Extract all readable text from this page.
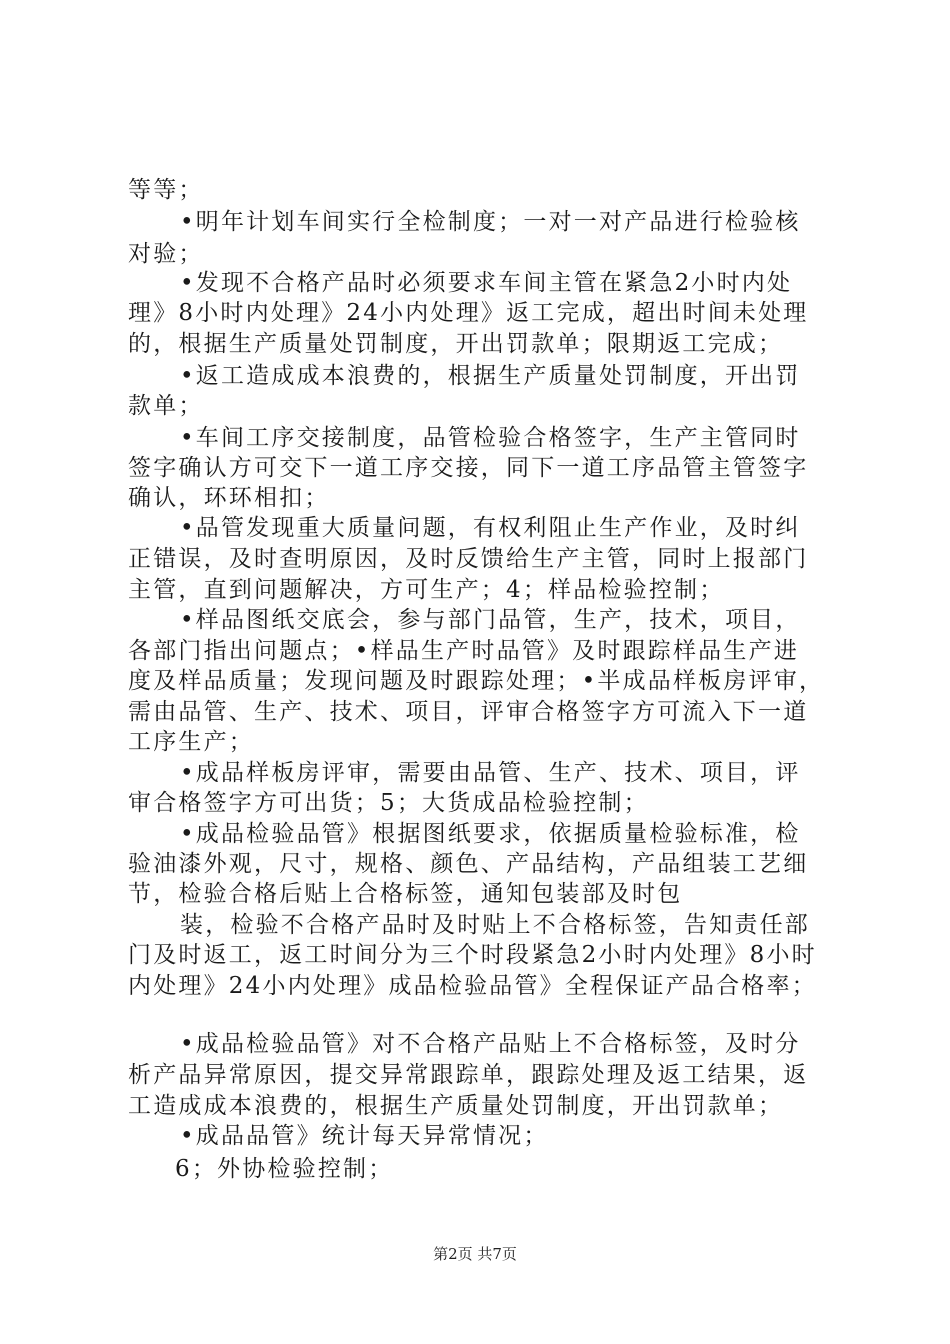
等等；
•明年计划车间实行全检制度；一对一对产品进行检验核
对验；
•发现不合格产品时必须要求车间主管在紧急2小时内处
理》8小时内处理》24小内处理》返工完成，超出时间未处理
的，根据生产质量处罚制度，开出罚款单；限期返工完成；
•返工造成成本浪费的，根据生产质量处罚制度，开出罚
款单；
•车间工序交接制度，品管检验合格签字，生产主管同时
签字确认方可交下一道工序交接，同下一道工序品管主管签字
确认，环环相扣；
•品管发现重大质量问题，有权利阻止生产作业，及时纠
正错误，及时查明原因，及时反馈给生产主管，同时上报部门
主管，直到问题解决，方可生产；4；样品检验控制；
•样品图纸交底会，参与部门品管，生产，技术，项目，
各部门指出问题点；•样品生产时品管》及时跟踪样品生产进
度及样品质量；发现问题及时跟踪处理；•半成品样板房评审，
需由品管、生产、技术、项目，评审合格签字方可流入下一道
工序生产；
•成品样板房评审，需要由品管、生产、技术、项目，评
审合格签字方可出货；5；大货成品检验控制；
•成品检验品管》根据图纸要求，依据质量检验标准，检
验油漆外观，尺寸，规格、颜色、产品结构，产品组装工艺细
节，检验合格后贴上合格标签，通知包装部及时包
装，检验不合格产品时及时贴上不合格标签，告知责任部
门及时返工，返工时间分为三个时段紧急2小时内处理》8小时
内处理》24小内处理》成品检验品管》全程保证产品合格率；
•成品检验品管》对不合格产品贴上不合格标签，及时分
析产品异常原因，提交异常跟踪单，跟踪处理及返工结果，返
工造成成本浪费的，根据生产质量处罚制度，开出罚款单；
•成品品管》统计每天异常情况；
6；外协检验控制；
第2页 共7页
